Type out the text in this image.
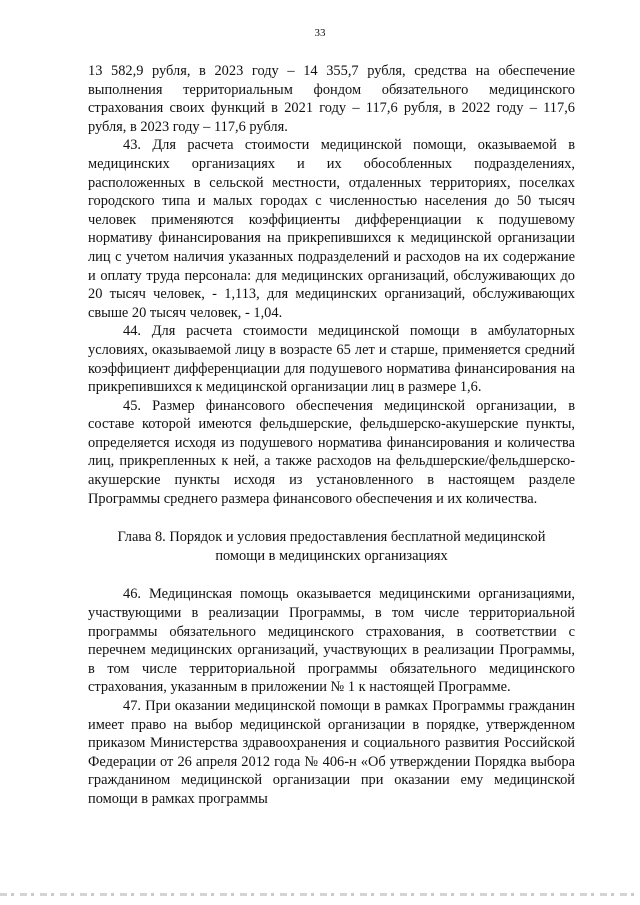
33

13 582,9 рубля, в 2023 году – 14 355,7 рубля, средства на обеспечение выполнения территориальным фондом обязательного медицинского страхования своих функций в 2021 году – 117,6 рубля, в 2022 году – 117,6 рубля, в 2023 году – 117,6 рубля.

43. Для расчета стоимости медицинской помощи, оказываемой в медицинских организациях и их обособленных подразделениях, расположенных в сельской местности, отдаленных территориях, поселках городского типа и малых городах с численностью населения до 50 тысяч человек применяются коэффициенты дифференциации к подушевому нормативу финансирования на прикрепившихся к медицинской организации лиц с учетом наличия указанных подразделений и расходов на их содержание и оплату труда персонала: для медицинских организаций, обслуживающих до 20 тысяч человек, - 1,113, для медицинских организаций, обслуживающих свыше 20 тысяч человек, - 1,04.

44. Для расчета стоимости медицинской помощи в амбулаторных условиях, оказываемой лицу в возрасте 65 лет и старше, применяется средний коэффициент дифференциации для подушевого норматива финансирования на прикрепившихся к медицинской организации лиц в размере 1,6.

45. Размер финансового обеспечения медицинской организации, в составе которой имеются фельдшерские, фельдшерско-акушерские пункты, определяется исходя из подушевого норматива финансирования и количества лиц, прикрепленных к ней, а также расходов на фельдшерские/фельдшерско-акушерские пункты исходя из установленного в настоящем разделе Программы среднего размера финансового обеспечения и их количества.

Глава 8. Порядок и условия предоставления бесплатной медицинской
помощи в медицинских организациях

46. Медицинская помощь оказывается медицинскими организациями, участвующими в реализации Программы, в том числе территориальной программы обязательного медицинского страхования, в соответствии с перечнем медицинских организаций, участвующих в реализации Программы, в том числе территориальной программы обязательного медицинского страхования, указанным в приложении № 1 к настоящей Программе.

47. При оказании медицинской помощи в рамках Программы гражданин имеет право на выбор медицинской организации в порядке, утвержденном приказом Министерства здравоохранения и социального развития Российской Федерации от 26 апреля 2012 года № 406-н «Об утверждении Порядка выбора гражданином медицинской организации при оказании ему медицинской помощи в рамках программы
